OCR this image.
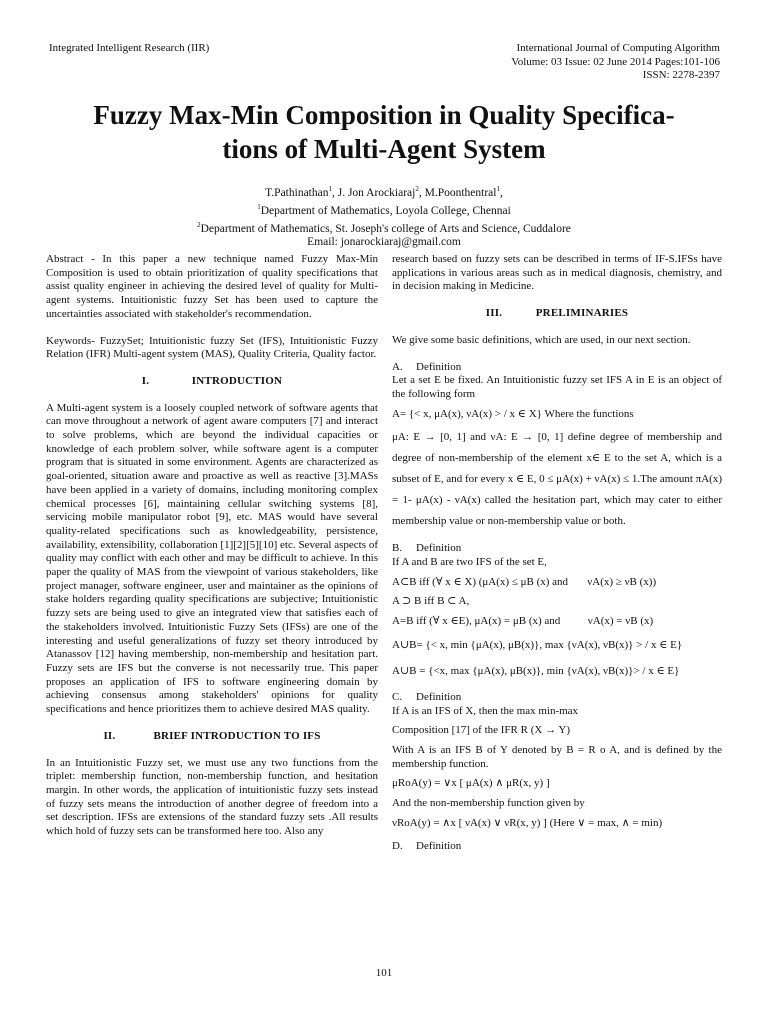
Integrated Intelligent Research (IIR)	International Journal of Computing Algorithm
Volume: 03 Issue: 02 June 2014 Pages:101-106
ISSN: 2278-2397
Fuzzy Max-Min Composition in Quality Specifica-
tions of Multi-Agent System
T.Pathinathan$^1$, J. Jon Arockiaraj$^2$, M.Poonthentral$^1$,
$^1$Department of Mathematics, Loyola College, Chennai
$^2$Department of Mathematics, St. Joseph's college of Arts and Science, Cuddalore
Email: jonarockiaraj@gmail.com

Abstract - In this paper a new technique named Fuzzy Max-Min Composition is used to obtain prioritization of quality specifications that assist quality engineer in achieving the desired level of quality for Multi-agent systems. Intuitionistic fuzzy Set has been used to capture the uncertainties associated with stakeholder's recommendation.

Keywords- FuzzySet; Intuitionistic fuzzy Set (IFS), Intuitionistic Fuzzy Relation (IFR) Multi-agent system (MAS), Quality Criteria, Quality factor.

I.	INTRODUCTION

A Multi-agent system is a loosely coupled network of software agents that can move throughout a network of agent aware computers [7] and interact to solve problems, which are beyond the individual capacities or knowledge of each problem solver, while software agent is a computer program that is situated in some environment. Agents are characterized as goal-oriented, situation aware and proactive as well as reactive [3].MASs have been applied in a variety of domains, including monitoring complex chemical processes [6], maintaining cellular switching systems [8], servicing mobile manipulator robot [9], etc. MAS would have several quality-related specifications such as knowledgeability, persistence, availability, extensibility, collaboration [1][2][5][10] etc. Several aspects of quality may conflict with each other and may be difficult to achieve. In this paper the quality of MAS from the viewpoint of various stakeholders, like project manager, software engineer, user and maintainer as the opinions of stake holders regarding quality specifications are subjective; Intuitionistic fuzzy sets are being used to give an integrated view that satisfies each of the stakeholders involved. Intuitionistic Fuzzy Sets (IFSs) are one of the interesting and useful generalizations of fuzzy set theory introduced by Atanassov [12] having membership, non-membership and hesitation part. Fuzzy sets are IFS but the converse is not necessarily true. This paper proposes an application of IFS to software engineering domain by achieving consensus among stakeholders' opinions for quality specifications and hence prioritizes them to achieve desired MAS quality.

II.	BRIEF INTRODUCTION TO IFS

In an Intuitionistic Fuzzy set, we must use any two functions from the triplet: membership function, non-membership function, and hesitation margin. In other words, the application of intuitionistic fuzzy sets instead of fuzzy sets means the introduction of another degree of freedom into a set description. IFSs are extensions of the standard fuzzy sets .All results which hold of fuzzy sets can be transformed here too. Also any

research based on fuzzy sets can be described in terms of IF-S.IFSs have applications in various areas such as in medical diagnosis, chemistry, and in decision making in Medicine.

III.	PRELIMINARIES

We give some basic definitions, which are used, in our next section.

A. Definition
Let a set E be fixed. An Intuitionistic fuzzy set IFS A in E is an object of the following form
A= {< x, μA(x), νA(x) > / x ∈ X} Where the functions
μA: E → [0, 1] and νA: E → [0, 1] define degree of membership and degree of non-membership of the element x∈ E to the set A, which is a subset of E, and for every x ∈ E, 0 ≤ μA(x) + νA(x) ≤ 1.The amount πA(x) = 1- μA(x) - νA(x) called the hesitation part, which may cater to either membership value or non-membership value or both.
B. Definition
If A and B are two IFS of the set E,
A⊂B iff (∀ x ∈ X) (μA(x) ≤ μB (x) and       νA(x) ≥ νB (x))
A ⊃ B iff B ⊂ A,
A=B iff (∀ x ∈E), μA(x) = μB (x) and          νA(x) = νB (x)
A∪B= {< x, min {μA(x), μB(x)}, max {νA(x), νB(x)} > / x ∈ E}
A∪B = {<x, max {μA(x), μB(x)}, min {νA(x), νB(x)}> / x ∈ E}
C. Definition
If A is an IFS of X, then the max min-max
Composition [17] of the IFR R (X → Y)
With A is an IFS B of Y denoted by B = R o A, and is defined by the membership function.
μRoA(y) = ∨x [ μA(x) ∧ μR(x, y) ]
And the non-membership function given by
νRoA(y) = ∧x [ νA(x) ∨ νR(x, y) ] (Here ∨ = max, ∧ = min)
D. Definition
101
